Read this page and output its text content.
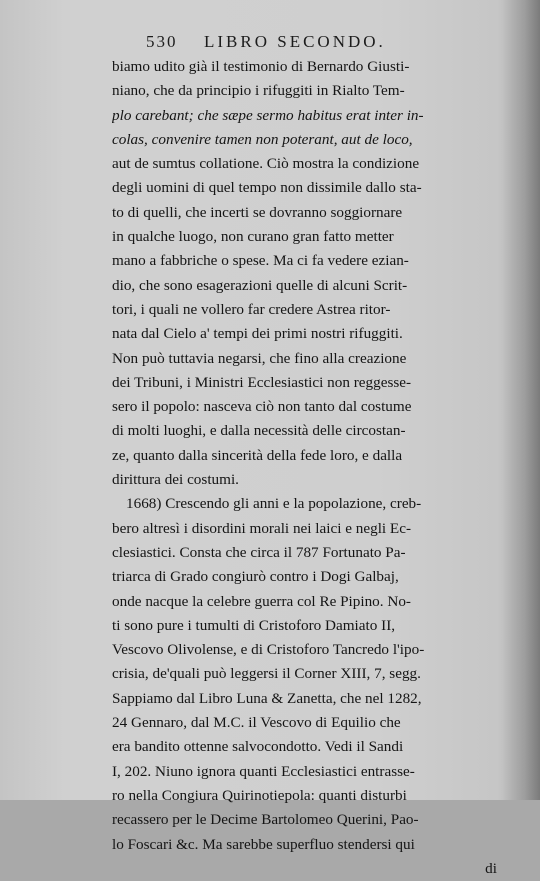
530 LIBRO SECONDO.
biamo udito già il testimonio di Bernardo Giusti-
niano, che da principio i rifuggiti in Rialto Tem-
plo carebant; che sæpe sermo habitus erat inter in-
colas, convenire tamen non poterant, aut de loco,
aut de sumtus collatione. Ciò mostra la condizione
degli uomini di quel tempo non dissimile dallo sta-
to di quelli, che incerti se dovranno soggiornare
in qualche luogo, non curano gran fatto metter
mano a fabbriche o spese. Ma ci fa vedere ezian-
dio, che sono esagerazioni quelle di alcuni Scrit-
tori, i quali ne vollero far credere Astrea ritor-
nata dal Cielo a' tempi dei primi nostri rifuggiti.
Non può tuttavia negarsi, che fino alla creazione
dei Tribuni, i Ministri Ecclesiastici non reggesse-
sero il popolo: nasceva ciò non tanto dal costume
di molti luoghi, e dalla necessità delle circostan-
ze, quanto dalla sincerità della fede loro, e dalla
dirittura dei costumi.
1668) Crescendo gli anni e la popolazione, creb-
bero altresì i disordini morali nei laici e negli Ec-
clesiastici. Consta che circa il 787 Fortunato Pa-
triarca di Grado congiurò contro i Dogi Galbaj,
onde nacque la celebre guerra col Re Pipino. No-
ti sono pure i tumulti di Cristoforo Damiato II,
Vescovo Olivolense, e di Cristoforo Tancredo l'ipo-
crisia, de'quali può leggersi il Corner XIII, 7, segg.
Sappiamo dal Libro Luna & Zanetta, che nel 1282,
24 Gennaro, dal M.C. il Vescovo di Equilio che
era bandito ottenne salvocondotto. Vedi il Sandi
I, 202. Niuno ignora quanti Ecclesiastici entrasse-
ro nella Congiura Quirinotiepola: quanti disturbi
recassero per le Decime Bartolomeo Querini, Pao-
lo Foscari &c. Ma sarebbe superfluo stendersi qui
di
